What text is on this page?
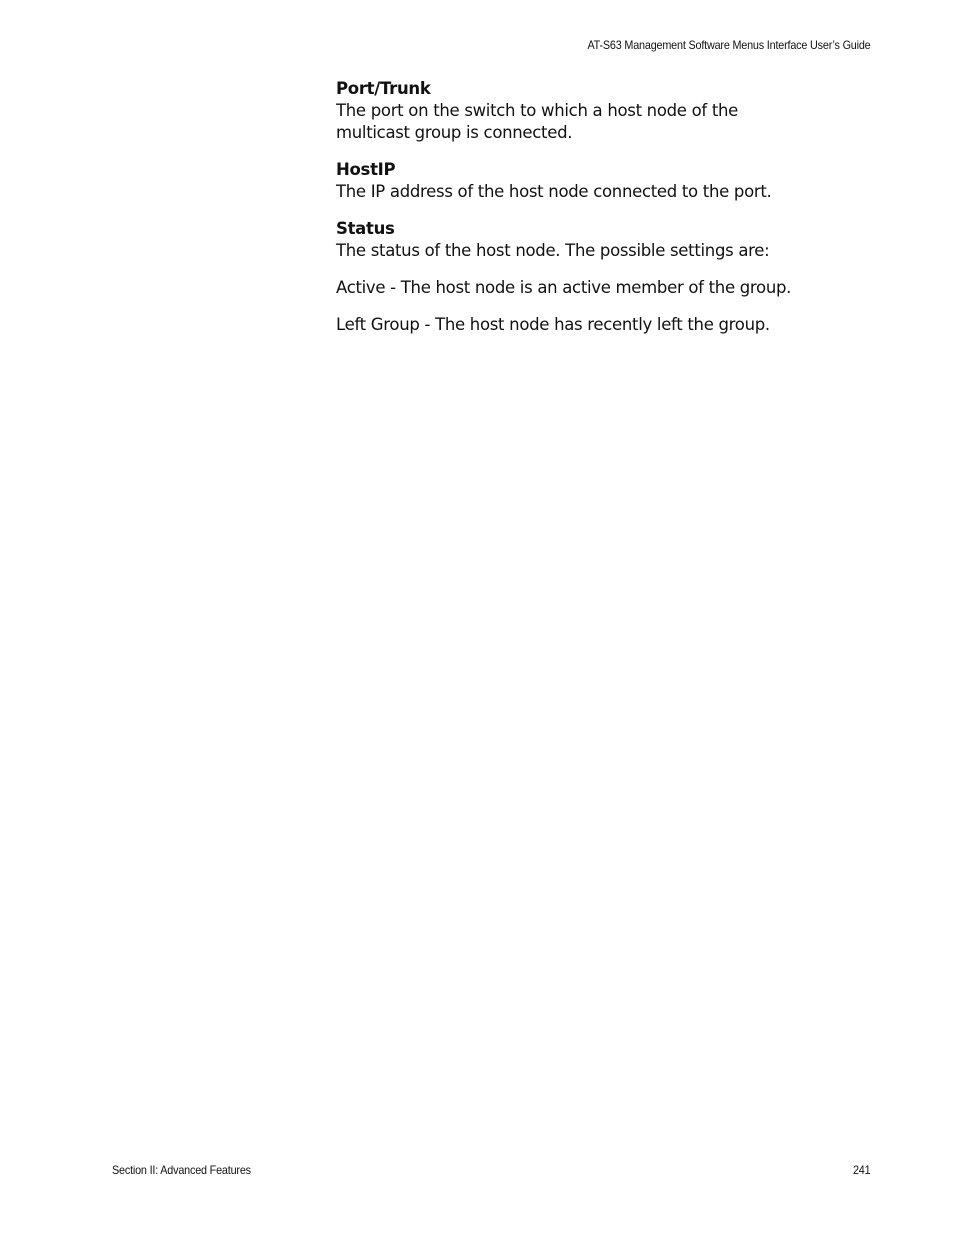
AT-S63 Management Software Menus Interface User’s Guide
Port/Trunk
The port on the switch to which a host node of the multicast group is connected.
HostIP
The IP address of the host node connected to the port.
Status
The status of the host node. The possible settings are:
Active - The host node is an active member of the group.
Left Group - The host node has recently left the group.
Section II: Advanced Features	241
